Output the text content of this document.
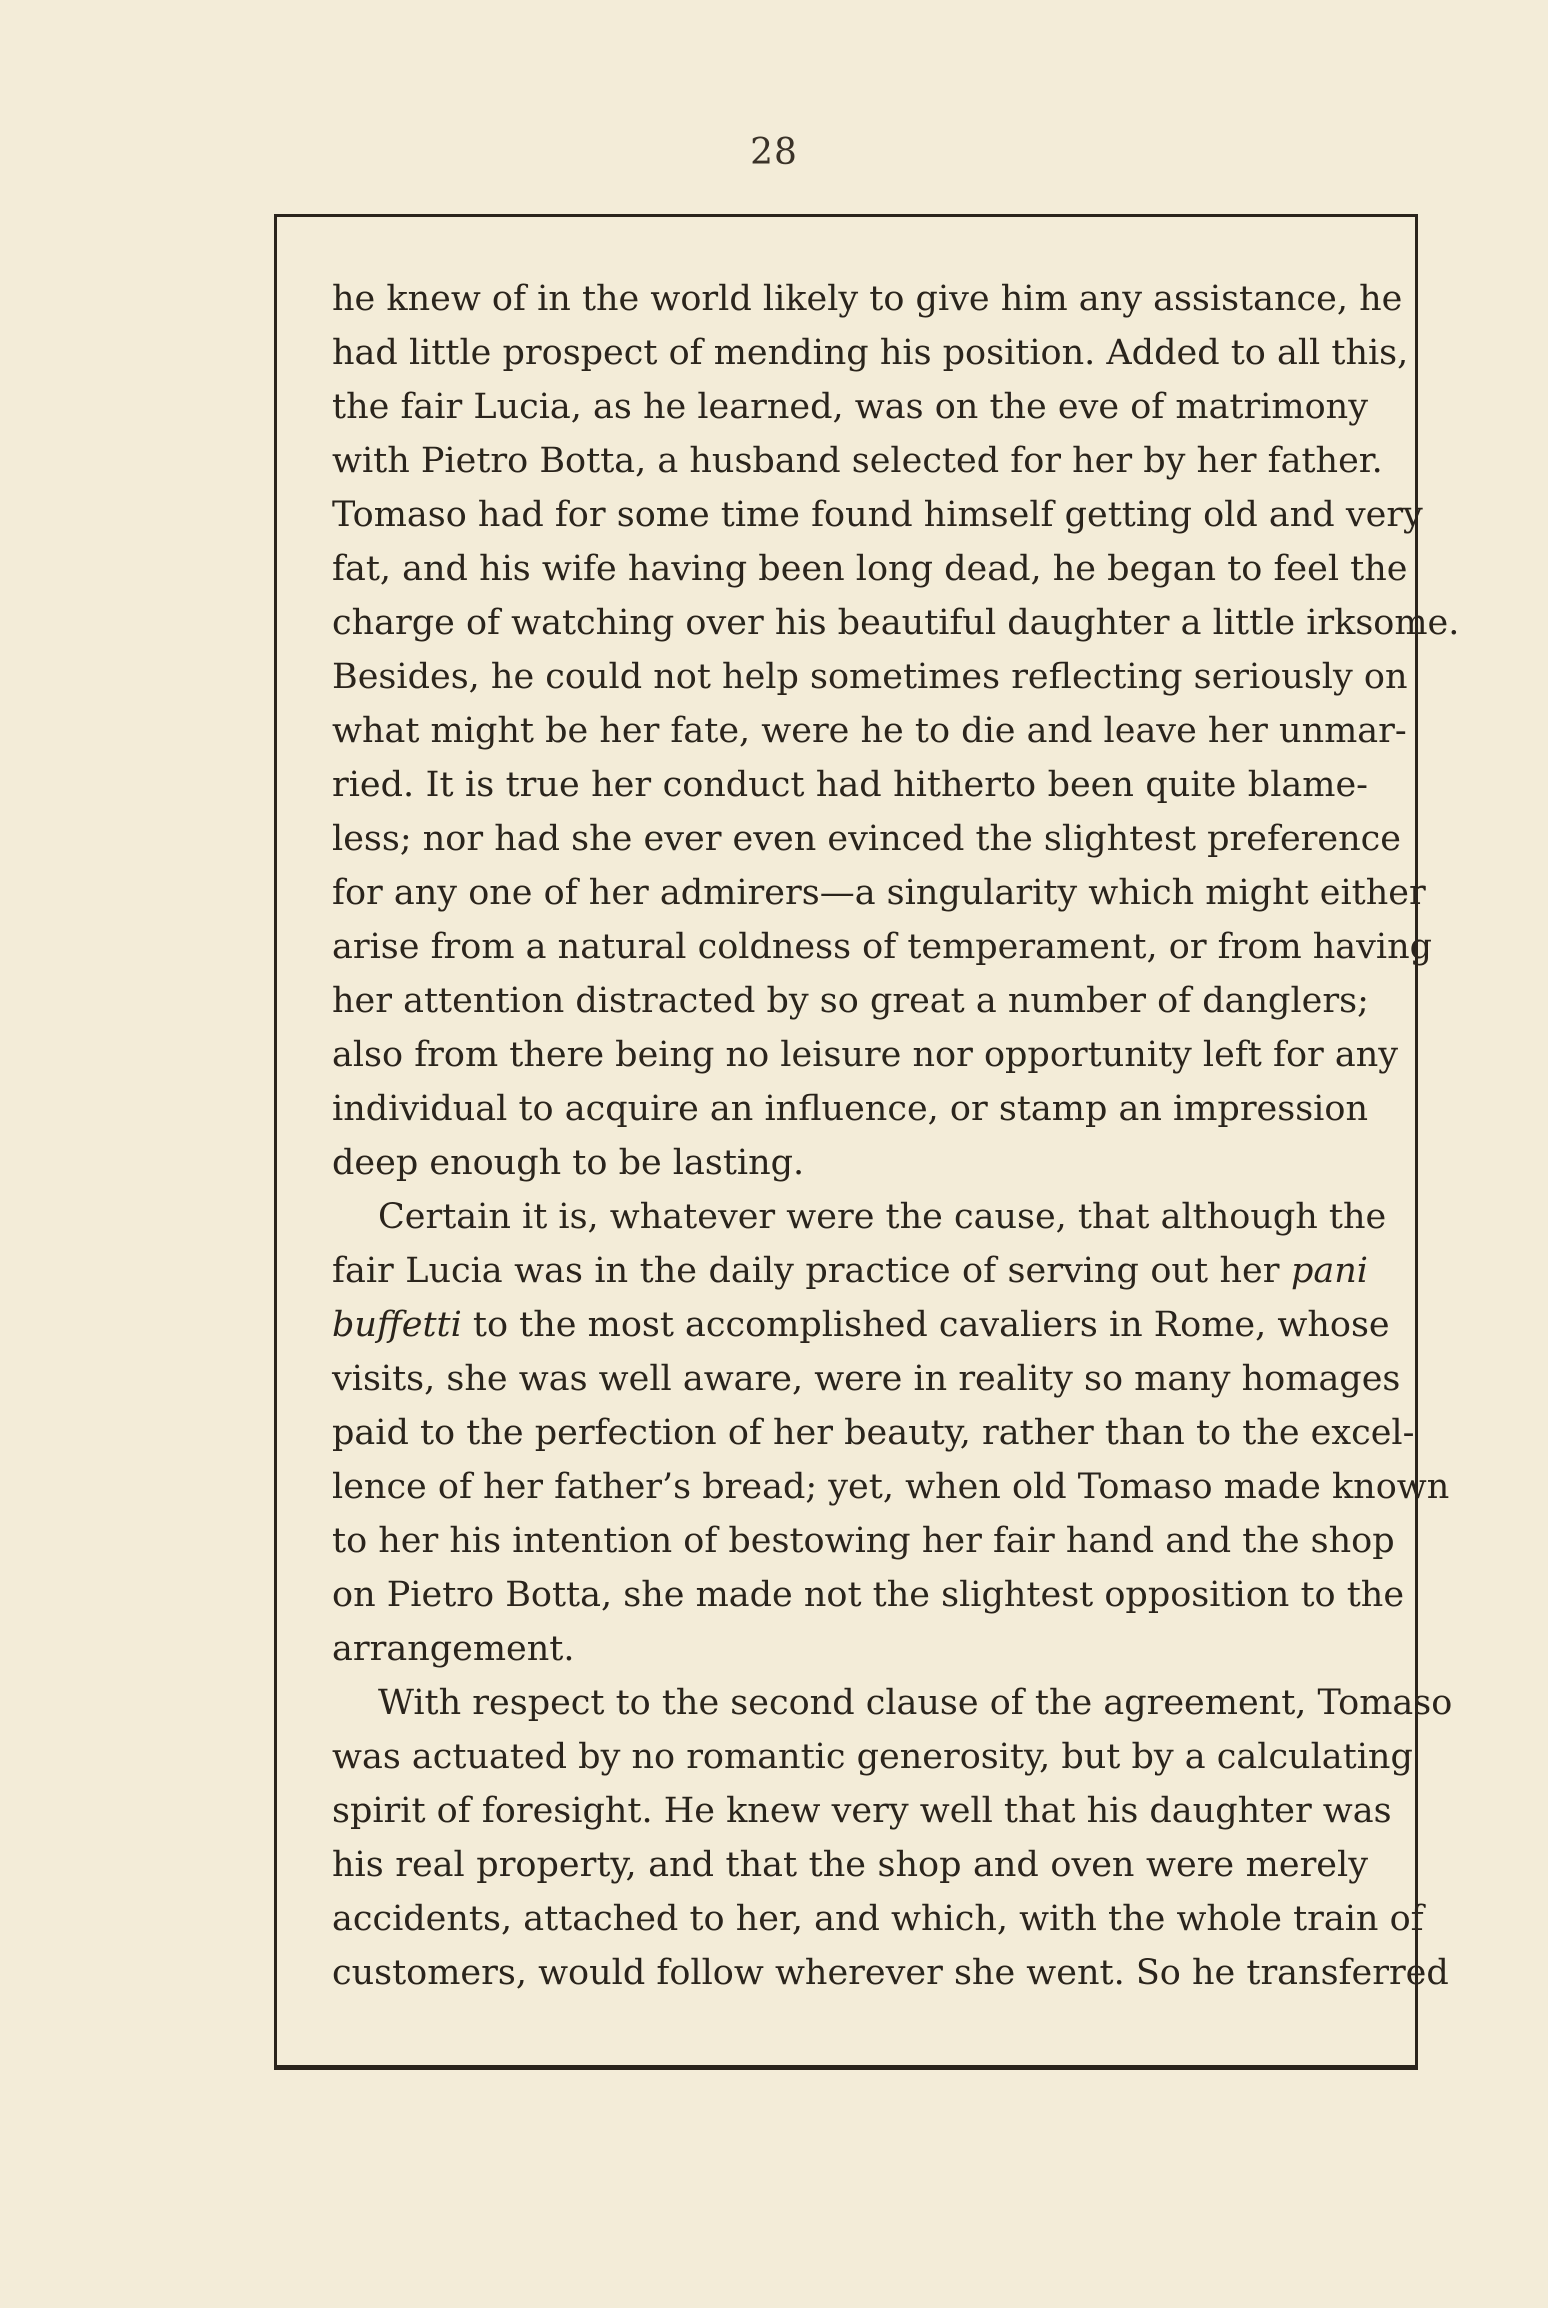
28
he knew of in the world likely to give him any assistance, he
had little prospect of mending his position. Added to all this,
the fair Lucia, as he learned, was on the eve of matrimony
with Pietro Botta, a husband selected for her by her father.
Tomaso had for some time found himself getting old and very
fat, and his wife having been long dead, he began to feel the
charge of watching over his beautiful daughter a little irksome.
Besides, he could not help sometimes reflecting seriously on
what might be her fate, were he to die and leave her unmar-
ried. It is true her conduct had hitherto been quite blame-
less; nor had she ever even evinced the slightest preference
for any one of her admirers—a singularity which might either
arise from a natural coldness of temperament, or from having
her attention distracted by so great a number of danglers;
also from there being no leisure nor opportunity left for any
individual to acquire an influence, or stamp an impression
deep enough to be lasting.
Certain it is, whatever were the cause, that although the
fair Lucia was in the daily practice of serving out her pani
buffetti to the most accomplished cavaliers in Rome, whose
visits, she was well aware, were in reality so many homages
paid to the perfection of her beauty, rather than to the excel-
lence of her father’s bread; yet, when old Tomaso made known
to her his intention of bestowing her fair hand and the shop
on Pietro Botta, she made not the slightest opposition to the
arrangement.
With respect to the second clause of the agreement, Tomaso
was actuated by no romantic generosity, but by a calculating
spirit of foresight. He knew very well that his daughter was
his real property, and that the shop and oven were merely
accidents, attached to her, and which, with the whole train of
customers, would follow wherever she went. So he transferred
